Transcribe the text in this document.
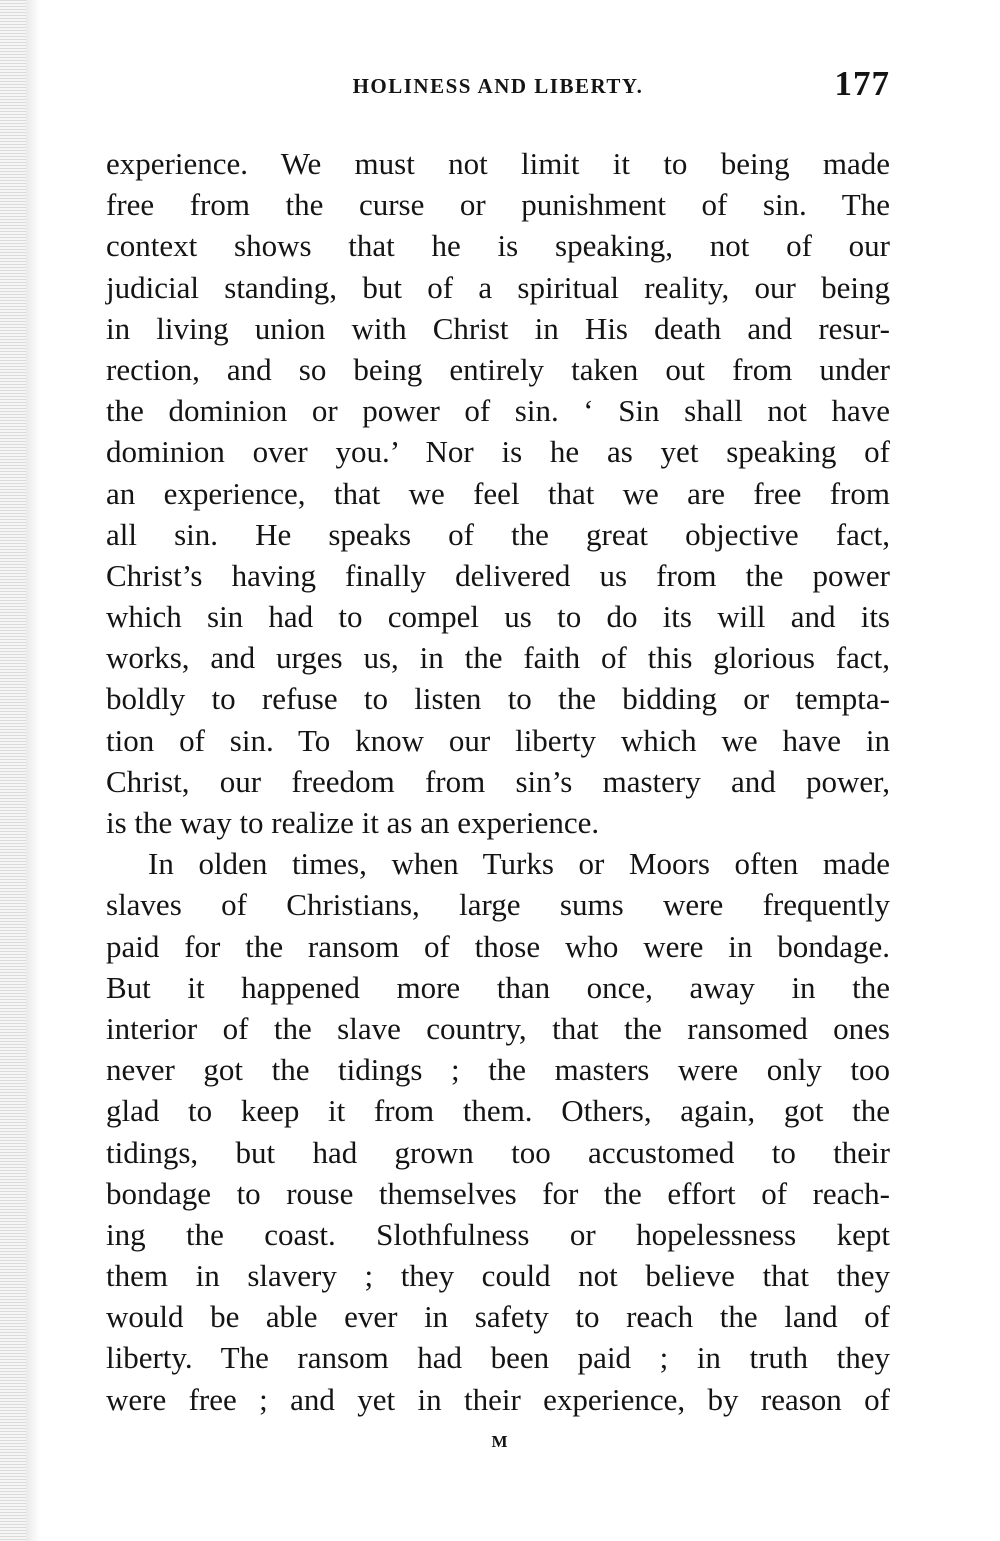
HOLINESS AND LIBERTY.	177
experience. We must not limit it to being made
free from the curse or punishment of sin. The
context shows that he is speaking, not of our
judicial standing, but of a spiritual reality, our being
in living union with Christ in His death and resur-
rection, and so being entirely taken out from under
the dominion or power of sin. ‘ Sin shall not have
dominion over you.’ Nor is he as yet speaking of
an experience, that we feel that we are free from
all sin. He speaks of the great objective fact,
Christ’s having finally delivered us from the power
which sin had to compel us to do its will and its
works, and urges us, in the faith of this glorious fact,
boldly to refuse to listen to the bidding or tempta-
tion of sin. To know our liberty which we have in
Christ, our freedom from sin’s mastery and power,
is the way to realize it as an experience.
In olden times, when Turks or Moors often made
slaves of Christians, large sums were frequently
paid for the ransom of those who were in bondage.
But it happened more than once, away in the
interior of the slave country, that the ransomed ones
never got the tidings ; the masters were only too
glad to keep it from them. Others, again, got the
tidings, but had grown too accustomed to their
bondage to rouse themselves for the effort of reach-
ing the coast. Slothfulness or hopelessness kept
them in slavery ; they could not believe that they
would be able ever in safety to reach the land of
liberty. The ransom had been paid ; in truth they
were free ; and yet in their experience, by reason of
M
